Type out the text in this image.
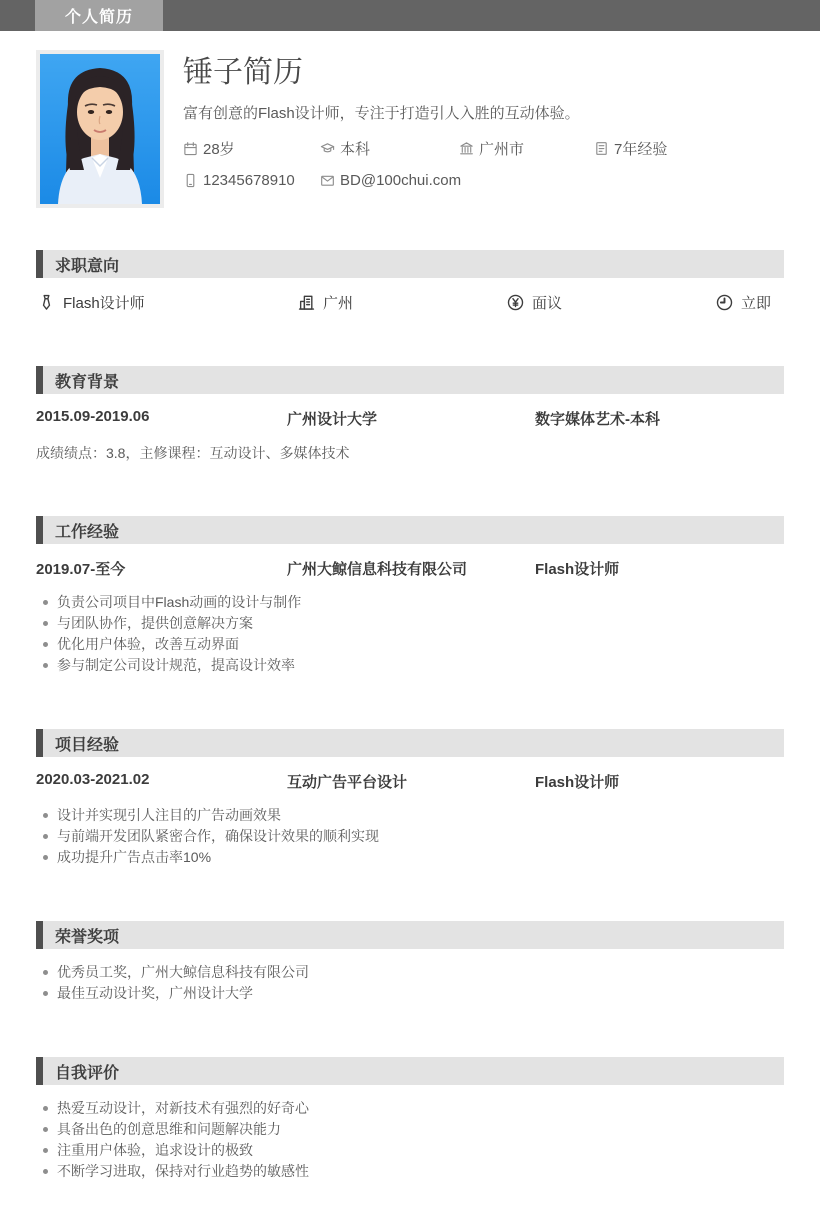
个人简历
锤子简历
富有创意的Flash设计师，专注于打造引人入胜的互动体验。
28岁	本科	广州市	7年经验
12345678910	BD@100chui.com
求职意向
Flash设计师	广州	面议	立即
教育背景
2015.09-2019.06	广州设计大学	数字媒体艺术-本科
成绩绩点：3.8，主修课程：互动设计、多媒体技术
工作经验
2019.07-至今	广州大鲸信息科技有限公司	Flash设计师
负责公司项目中Flash动画的设计与制作
与团队协作，提供创意解决方案
优化用户体验，改善互动界面
参与制定公司设计规范，提高设计效率
项目经验
2020.03-2021.02	互动广告平台设计	Flash设计师
设计并实现引人注目的广告动画效果
与前端开发团队紧密合作，确保设计效果的顺利实现
成功提升广告点击率10%
荣誉奖项
优秀员工奖，广州大鲸信息科技有限公司
最佳互动设计奖，广州设计大学
自我评价
热爱互动设计，对新技术有强烈的好奇心
具备出色的创意思维和问题解决能力
注重用户体验，追求设计的极致
不断学习进取，保持对行业趋势的敏感性
